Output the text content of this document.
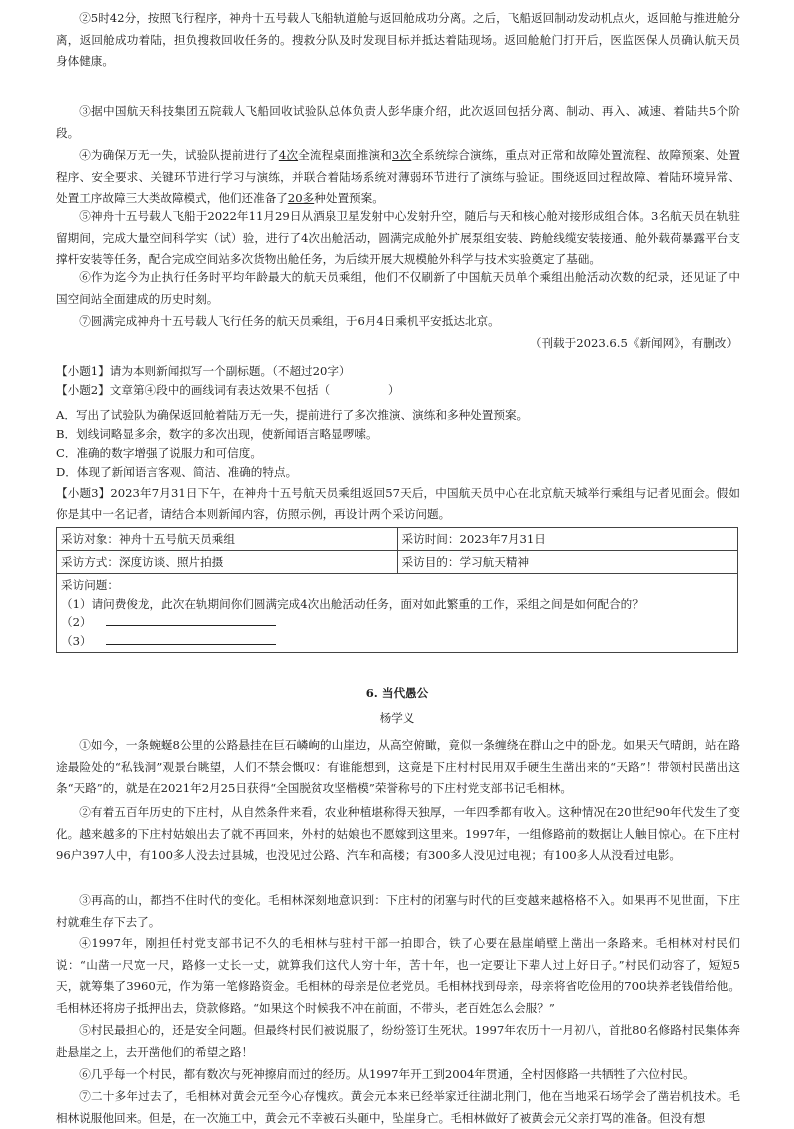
②5时42分，按照飞行程序，神舟十五号载人飞船轨道舱与返回舱成功分离。之后，飞船返回制动发动机点火，返回舱与推进舱分离，返回舱成功着陆，担负搜救回收任务的。搜救分队及时发现目标并抵达着陆现场。返回舱舱门打开后，医监医保人员确认航天员身体健康。

③据中国航天科技集团五院载人飞船回收试验队总体负责人彭华康介绍，此次返回包括分离、制动、再入、减速、着陆共5个阶段。

④为确保万无一失，试验队提前进行了4次全流程桌面推演和3次全系统综合演练，重点对正常和故障处置流程、故障预案、处置程序、安全要求、关键环节进行学习与演练，并联合着陆场系统对薄弱环节进行了演练与验证。围绕返回过程故障、着陆环境异常、处置工序故障三大类故障模式，他们还准备了20多种处置预案。

⑤神舟十五号载人飞船于2022年11月29日从酒泉卫星发射中心发射升空，随后与天和核心舱对接形成组合体。3名航天员在轨驻留期间，完成大量空间科学实（试）验，进行了4次出舱活动，圆满完成舱外扩展泵组安装、跨舱线缆安装接通、舱外载荷暴露平台支撑杆安装等任务，配合完成空间站多次货物出舱任务，为后续开展大规模舱外科学与技术实验奠定了基础。

⑥作为迄今为止执行任务时平均年龄最大的航天员乘组，他们不仅刷新了中国航天员单个乘组出舱活动次数的纪录，还见证了中国空间站全面建成的历史时刻。

⑦圆满完成神舟十五号载人飞行任务的航天员乘组，于6月4日乘机平安抵达北京。

（刊载于2023.6.5《新闻网》，有删改）

【小题1】请为本则新闻拟写一个副标题。（不超过20字）

【小题2】文章第④段中的画线词有表达效果不包括（　　　　　）

A．写出了试验队为确保返回舱着陆万无一失，提前进行了多次推演、演练和多种处置预案。

B．划线词略显多余，数字的多次出现，使新闻语言略显啰嗦。

C．准确的数字增强了说服力和可信度。

D．体现了新闻语言客观、简洁、准确的特点。

【小题3】2023年7月31日下午，在神舟十五号航天员乘组返回57天后，中国航天员中心在北京航天城举行乘组与记者见面会。假如你是其中一名记者，请结合本则新闻内容，仿照示例，再设计两个采访问题。

采访对象：神舟十五号航天员乘组	采访时间：2023年7月31日
采访方式：深度访谈、照片拍摄	采访目的：学习航天精神
采访问题：
（1）请问费俊龙，此次在轨期间你们圆满完成4次出舱活动任务，面对如此繁重的工作，采组之间是如何配合的？
（2）
（3）

6. 当代愚公

杨学义

①如今，一条蜿蜒8公里的公路悬挂在巨石嶙峋的山崖边，从高空俯瞰，竟似一条缠绕在群山之中的卧龙。如果天气晴朗，站在路途最险处的“私钱洞”观景台眺望，人们不禁会慨叹：有谁能想到，这竟是下庄村村民用双手硬生生凿出来的“天路”！带领村民凿出这条“天路”的，就是在2021年2月25日获得“全国脱贫攻坚楷模”荣誉称号的下庄村党支部书记毛相林。

②有着五百年历史的下庄村，从自然条件来看，农业种植堪称得天独厚，一年四季都有收入。这种情况在20世纪90年代发生了变化。越来越多的下庄村姑娘出去了就不再回来，外村的姑娘也不愿嫁到这里来。1997年，一组修路前的数据让人触目惊心。在下庄村96户397人中，有100多人没去过县城，也没见过公路、汽车和高楼；有300多人没见过电视；有100多人从没看过电影。

③再高的山，都挡不住时代的变化。毛相林深刻地意识到：下庄村的闭塞与时代的巨变越来越格格不入。如果再不见世面，下庄村就难生存下去了。

④1997年，刚担任村党支部书记不久的毛相林与驻村干部一拍即合，铁了心要在悬崖峭壁上凿出一条路来。毛相林对村民们说：“山凿一尺宽一尺，路修一丈长一丈，就算我们这代人穷十年，苦十年，也一定要让下辈人过上好日子。”村民们动容了，短短5天，就筹集了3960元，作为第一笔修路资金。毛相林的母亲是位老党员。毛相林找到母亲，母亲将省吃俭用的700块养老钱借给他。毛相林还将房子抵押出去，贷款修路。“如果这个时候我不冲在前面，不带头，老百姓怎么会服？”

⑤村民最担心的，还是安全问题。但最终村民们被说服了，纷纷签订生死状。1997年农历十一月初八，首批80名修路村民集体奔赴悬崖之上，去开凿他们的希望之路！

⑥几乎每一个村民，都有数次与死神擦肩而过的经历。从1997年开工到2004年贯通，全村因修路一共牺牲了六位村民。

⑦二十多年过去了，毛相林对黄会元至今心存愧疚。黄会元本来已经举家迁往湖北荆门，他在当地采石场学会了凿岩机技术。毛相林说服他回来。但是，在一次施工中，黄会元不幸被石头砸中，坠崖身亡。毛相林做好了被黄会元父亲打骂的准备。但没有想
